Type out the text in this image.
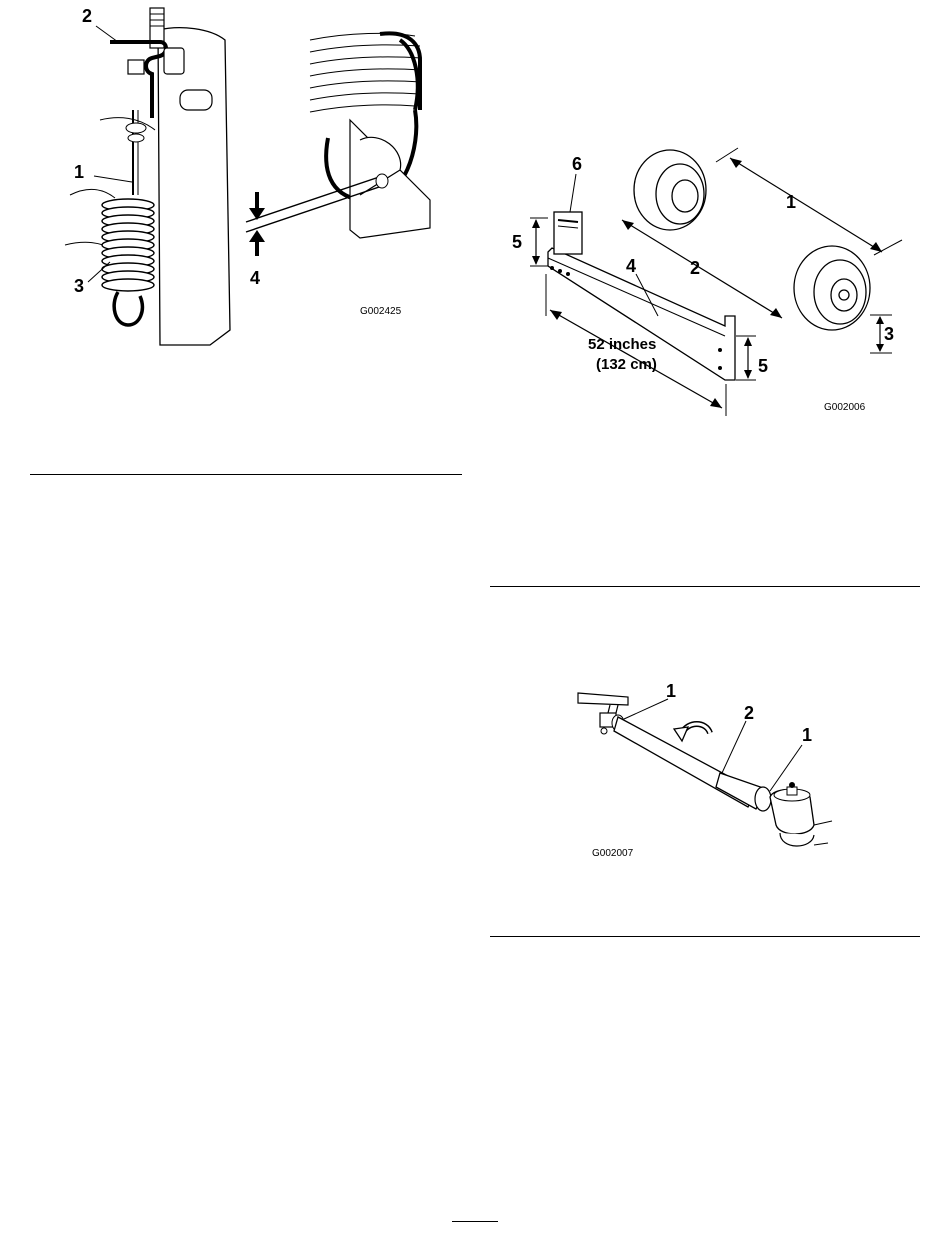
2
1
3	4
G002425
1
2
3
4
5
5
6
52 inches
(132 cm)
G002006
1
2
1
G002007
